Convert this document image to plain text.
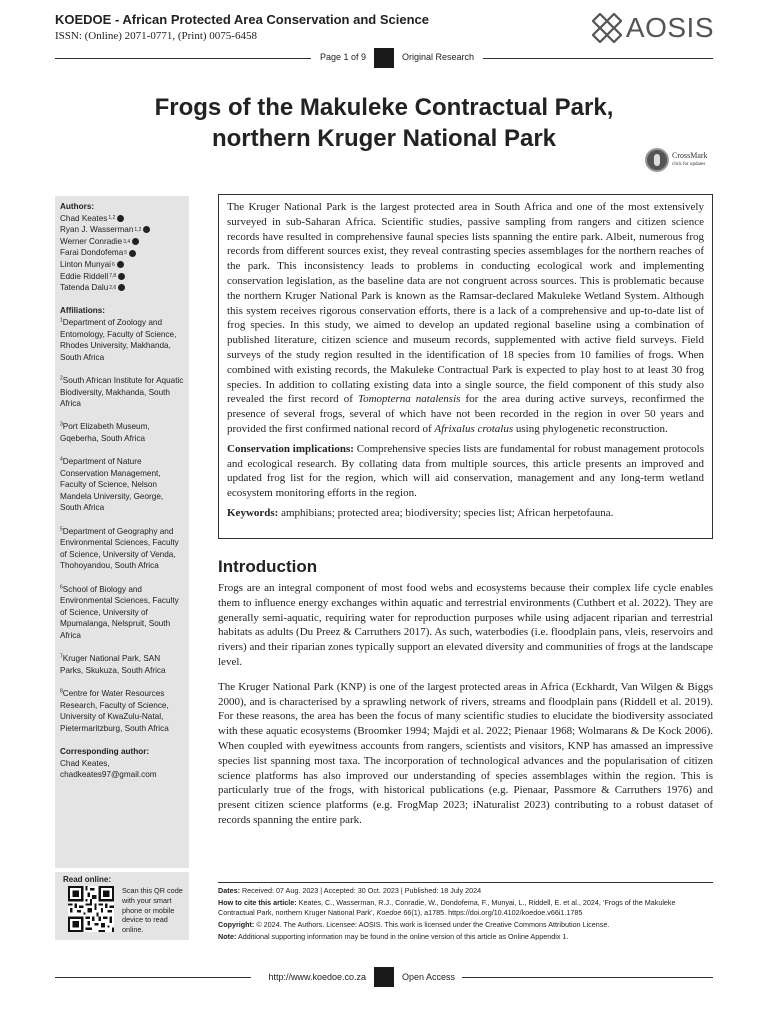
KOEDOE - African Protected Area Conservation and Science
ISSN: (Online) 2071-0771, (Print) 0075-6458	AOSIS
Page 1 of 9	Original Research
Frogs of the Makuleke Contractual Park,
northern Kruger National Park
CrossMark
click for updates
Authors:
Chad Keates 1,2
Ryan J. Wasserman 1,2
Werner Conradie 3,4
Farai Dondofema 5
Linton Munyai 6
Eddie Riddell 7,8
Tatenda Dalu 2,6
Affiliations:
$^1$Department of Zoology and Entomology, Faculty of Science, Rhodes University, Makhanda, South Africa
$^2$South African Institute for Aquatic Biodiversity, Makhanda, South Africa
$^3$Port Elizabeth Museum, Gqeberha, South Africa
$^4$Department of Nature Conservation Management, Faculty of Science, Nelson Mandela University, George, South Africa
$^5$Department of Geography and Environmental Sciences, Faculty of Science, University of Venda, Thohoyandou, South Africa
$^6$School of Biology and Environmental Sciences, Faculty of Science, University of Mpumalanga, Nelspruit, South Africa
$^7$Kruger National Park, SAN Parks, Skukuza, South Africa
$^8$Centre for Water Resources Research, Faculty of Science, University of KwaZulu-Natal, Pietermaritzburg, South Africa
Corresponding author:
Chad Keates,
chadkeates97@gmail.com
Read online:
Scan this QR code with your smart phone or mobile device to read online.

The Kruger National Park is the largest protected area in South Africa and one of the most extensively surveyed in sub-Saharan Africa. Scientific studies, passive sampling from rangers and citizen science records have resulted in comprehensive faunal species lists spanning the entire park. Albeit, numerous frog records from different sources exist, they reveal contrasting species assemblages for the northern reaches of the park. This inconsistency leads to problems in conducting ecological work and implementing conservation legislation, as the baseline data are not congruent across sources. This is problematic because the northern Kruger National Park is known as the Ramsar-declared Makuleke Wetland System. Although this system receives rigorous conservation efforts, there is a lack of a comprehensive and up-to-date list of frog species. In this study, we aimed to develop an updated regional baseline using a combination of published literature, citizen science and museum records, supplemented with active field surveys. Field surveys of the study region resulted in the identification of 18 species from 10 families of frogs. When combined with existing records, the Makuleke Contractual Park is expected to play host to at least 30 frog species. In addition to collating existing data into a single source, the field component of this study also revealed the first record of Tomopterna natalensis for the area during active surveys, reconfirmed the presence of several frogs, several of which have not been recorded in the region in over 50 years and provided the first confirmed national record of Afrixalus crotalus using phylogenetic reconstruction.

Conservation implications: Comprehensive species lists are fundamental for robust management protocols and ecological research. By collating data from multiple sources, this article presents an improved and updated frog list for the region, which will aid conservation, management and any long-term wetland ecosystem monitoring efforts in the region.

Keywords: amphibians; protected area; biodiversity; species list; African herpetofauna.

Introduction

Frogs are an integral component of most food webs and ecosystems because their complex life cycle enables them to influence energy exchanges within aquatic and terrestrial environments (Cuthbert et al. 2022). They are generally semi-aquatic, requiring water for reproduction purposes while using adjacent riparian and terrestrial habitats as adults (Du Preez & Carruthers 2017). As such, waterbodies (i.e. floodplain pans, vleis, reservoirs and rivers) and their riparian zones typically support an elevated diversity and communities of frogs at the landscape level.

The Kruger National Park (KNP) is one of the largest protected areas in Africa (Eckhardt, Van Wilgen & Biggs 2000), and is characterised by a sprawling network of rivers, streams and floodplain pans (Riddell et al. 2019). For these reasons, the area has been the focus of many scientific studies to elucidate the biodiversity associated with these aquatic ecosystems (Broomker 1994; Majdi et al. 2022; Pienaar 1968; Wolmarans & De Kock 2006). When coupled with eyewitness accounts from rangers, scientists and visitors, KNP has amassed an impressive species list spanning most taxa. The incorporation of technological advances and the popularisation of citizen science platforms has also improved our understanding of species assemblages within the region. This is particularly true of the frogs, with historical publications (e.g. Pienaar, Passmore & Carruthers 1976) and present citizen science platforms (e.g. FrogMap 2023; iNaturalist 2023) contributing to a robust dataset of records spanning the entire park.

Dates: Received: 07 Aug. 2023 | Accepted: 30 Oct. 2023 | Published: 18 July 2024
How to cite this article: Keates, C., Wasserman, R.J., Conradie, W., Dondofema, F., Munyai, L., Riddell, E. et al., 2024, ‘Frogs of the Makuleke Contractual Park, northern Kruger National Park’, Koedoe 66(1), a1785. https://doi.org/10.4102/koedoe.v66i1.1785
Copyright: © 2024. The Authors. Licensee: AOSIS. This work is licensed under the Creative Commons Attribution License.
Note: Additional supporting information may be found in the online version of this article as Online Appendix 1.
http://www.koedoe.co.za	Open Access
